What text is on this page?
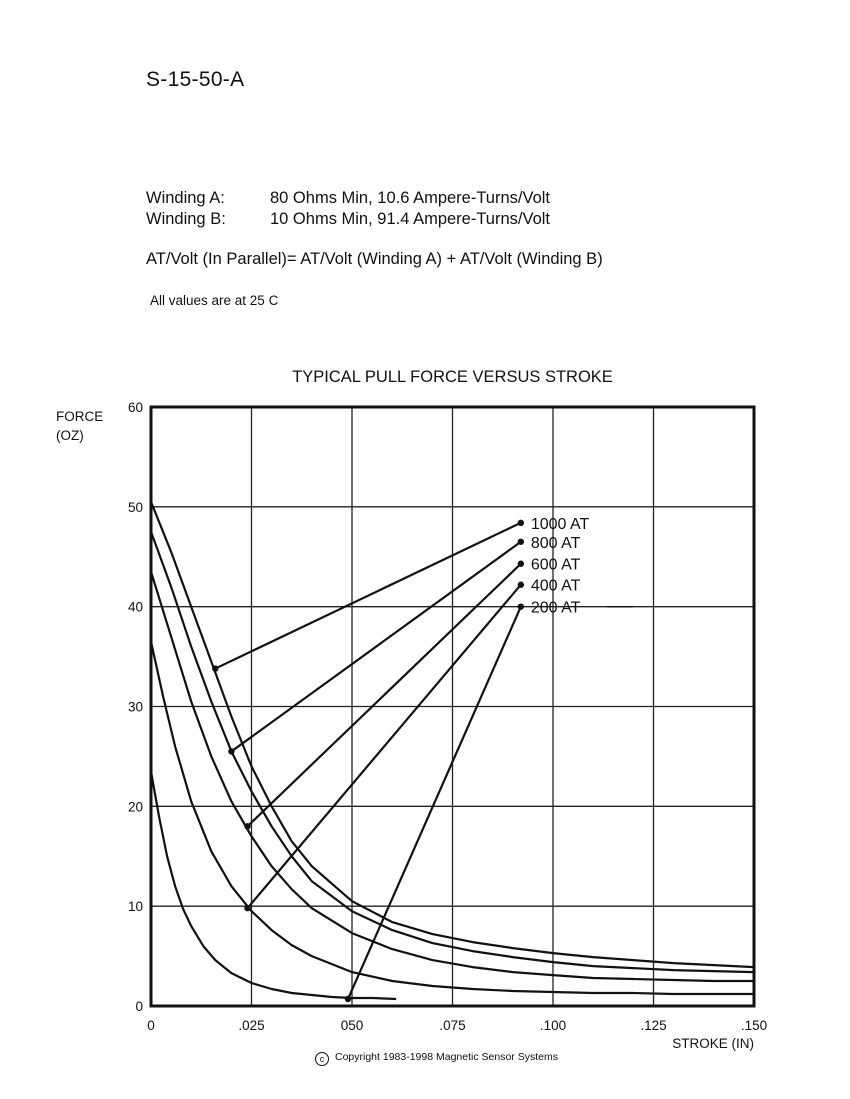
S-15-50-A
Winding A:	80 Ohms Min, 10.6 Ampere-Turns/Volt
Winding B:	10 Ohms Min, 91.4 Ampere-Turns/Volt
AT/Volt (In Parallel)= AT/Volt (Winding A) + AT/Volt (Winding B)
All values are at 25 C
TYPICAL PULL FORCE VERSUS STROKE
0
10
20
30
40
50
60
0	.025	050	.075	.100	.125	.150
FORCE
(OZ)
STROKE (IN)
1000 AT
800 AT
600 AT
400 AT
200 AT
c Copyright 1983-1998 Magnetic Sensor Systems
